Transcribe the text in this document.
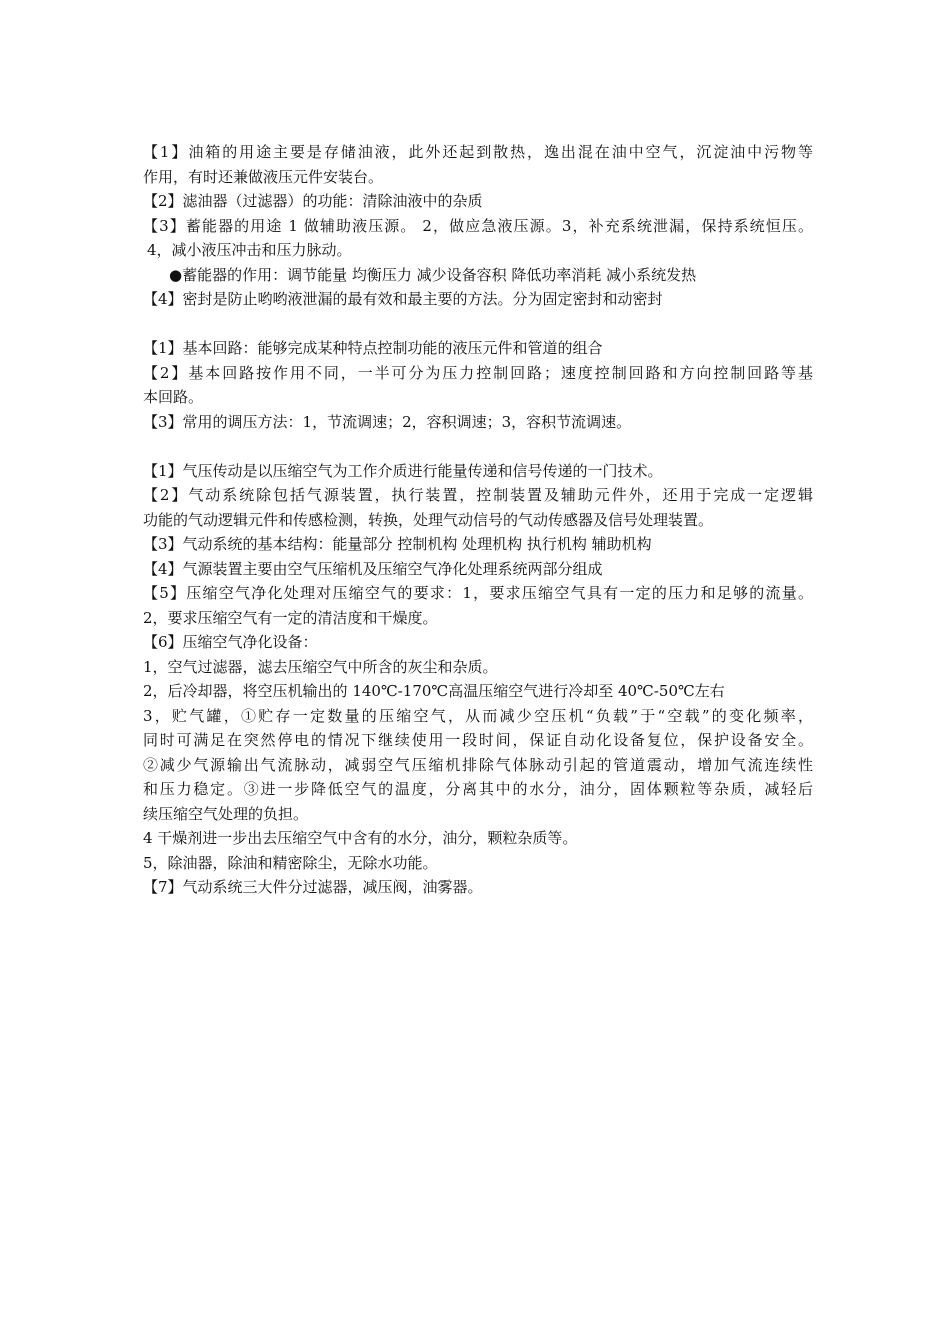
【1】油箱的用途主要是存储油液，此外还起到散热，逸出混在油中空气，沉淀油中污物等
作用，有时还兼做液压元件安装台。
【2】滤油器（过滤器）的功能：清除油液中的杂质
【3】蓄能器的用途 1 做辅助液压源。 2，做应急液压源。3，补充系统泄漏，保持系统恒压。
4，减小液压冲击和压力脉动。
●蓄能器的作用：调节能量 均衡压力 减少设备容积 降低功率消耗 减小系统发热
【4】密封是防止哟哟液泄漏的最有效和最主要的方法。分为固定密封和动密封
【1】基本回路：能够完成某种特点控制功能的液压元件和管道的组合
【2】基本回路按作用不同，一半可分为压力控制回路；速度控制回路和方向控制回路等基
本回路。
【3】常用的调压方法：1，节流调速；2，容积调速；3，容积节流调速。
【1】气压传动是以压缩空气为工作介质进行能量传递和信号传递的一门技术。
【2】气动系统除包括气源装置，执行装置，控制装置及辅助元件外，还用于完成一定逻辑
功能的气动逻辑元件和传感检测，转换，处理气动信号的气动传感器及信号处理装置。
【3】气动系统的基本结构：能量部分 控制机构 处理机构 执行机构 辅助机构
【4】气源装置主要由空气压缩机及压缩空气净化处理系统两部分组成
【5】压缩空气净化处理对压缩空气的要求：1，要求压缩空气具有一定的压力和足够的流量。
2，要求压缩空气有一定的清洁度和干燥度。
【6】压缩空气净化设备：
1，空气过滤器，滤去压缩空气中所含的灰尘和杂质。
2，后冷却器，将空压机输出的 140℃-170℃高温压缩空气进行冷却至 40℃-50℃左右
3，贮气罐，①贮存一定数量的压缩空气，从而减少空压机“负载”于“空载”的变化频率，
同时可满足在突然停电的情况下继续使用一段时间，保证自动化设备复位，保护设备安全。
②减少气源输出气流脉动，减弱空气压缩机排除气体脉动引起的管道震动，增加气流连续性
和压力稳定。③进一步降低空气的温度，分离其中的水分，油分，固体颗粒等杂质，减轻后
续压缩空气处理的负担。
4 干燥剂进一步出去压缩空气中含有的水分，油分，颗粒杂质等。
5，除油器，除油和精密除尘，无除水功能。
【7】气动系统三大件分过滤器，减压阀，油雾器。
